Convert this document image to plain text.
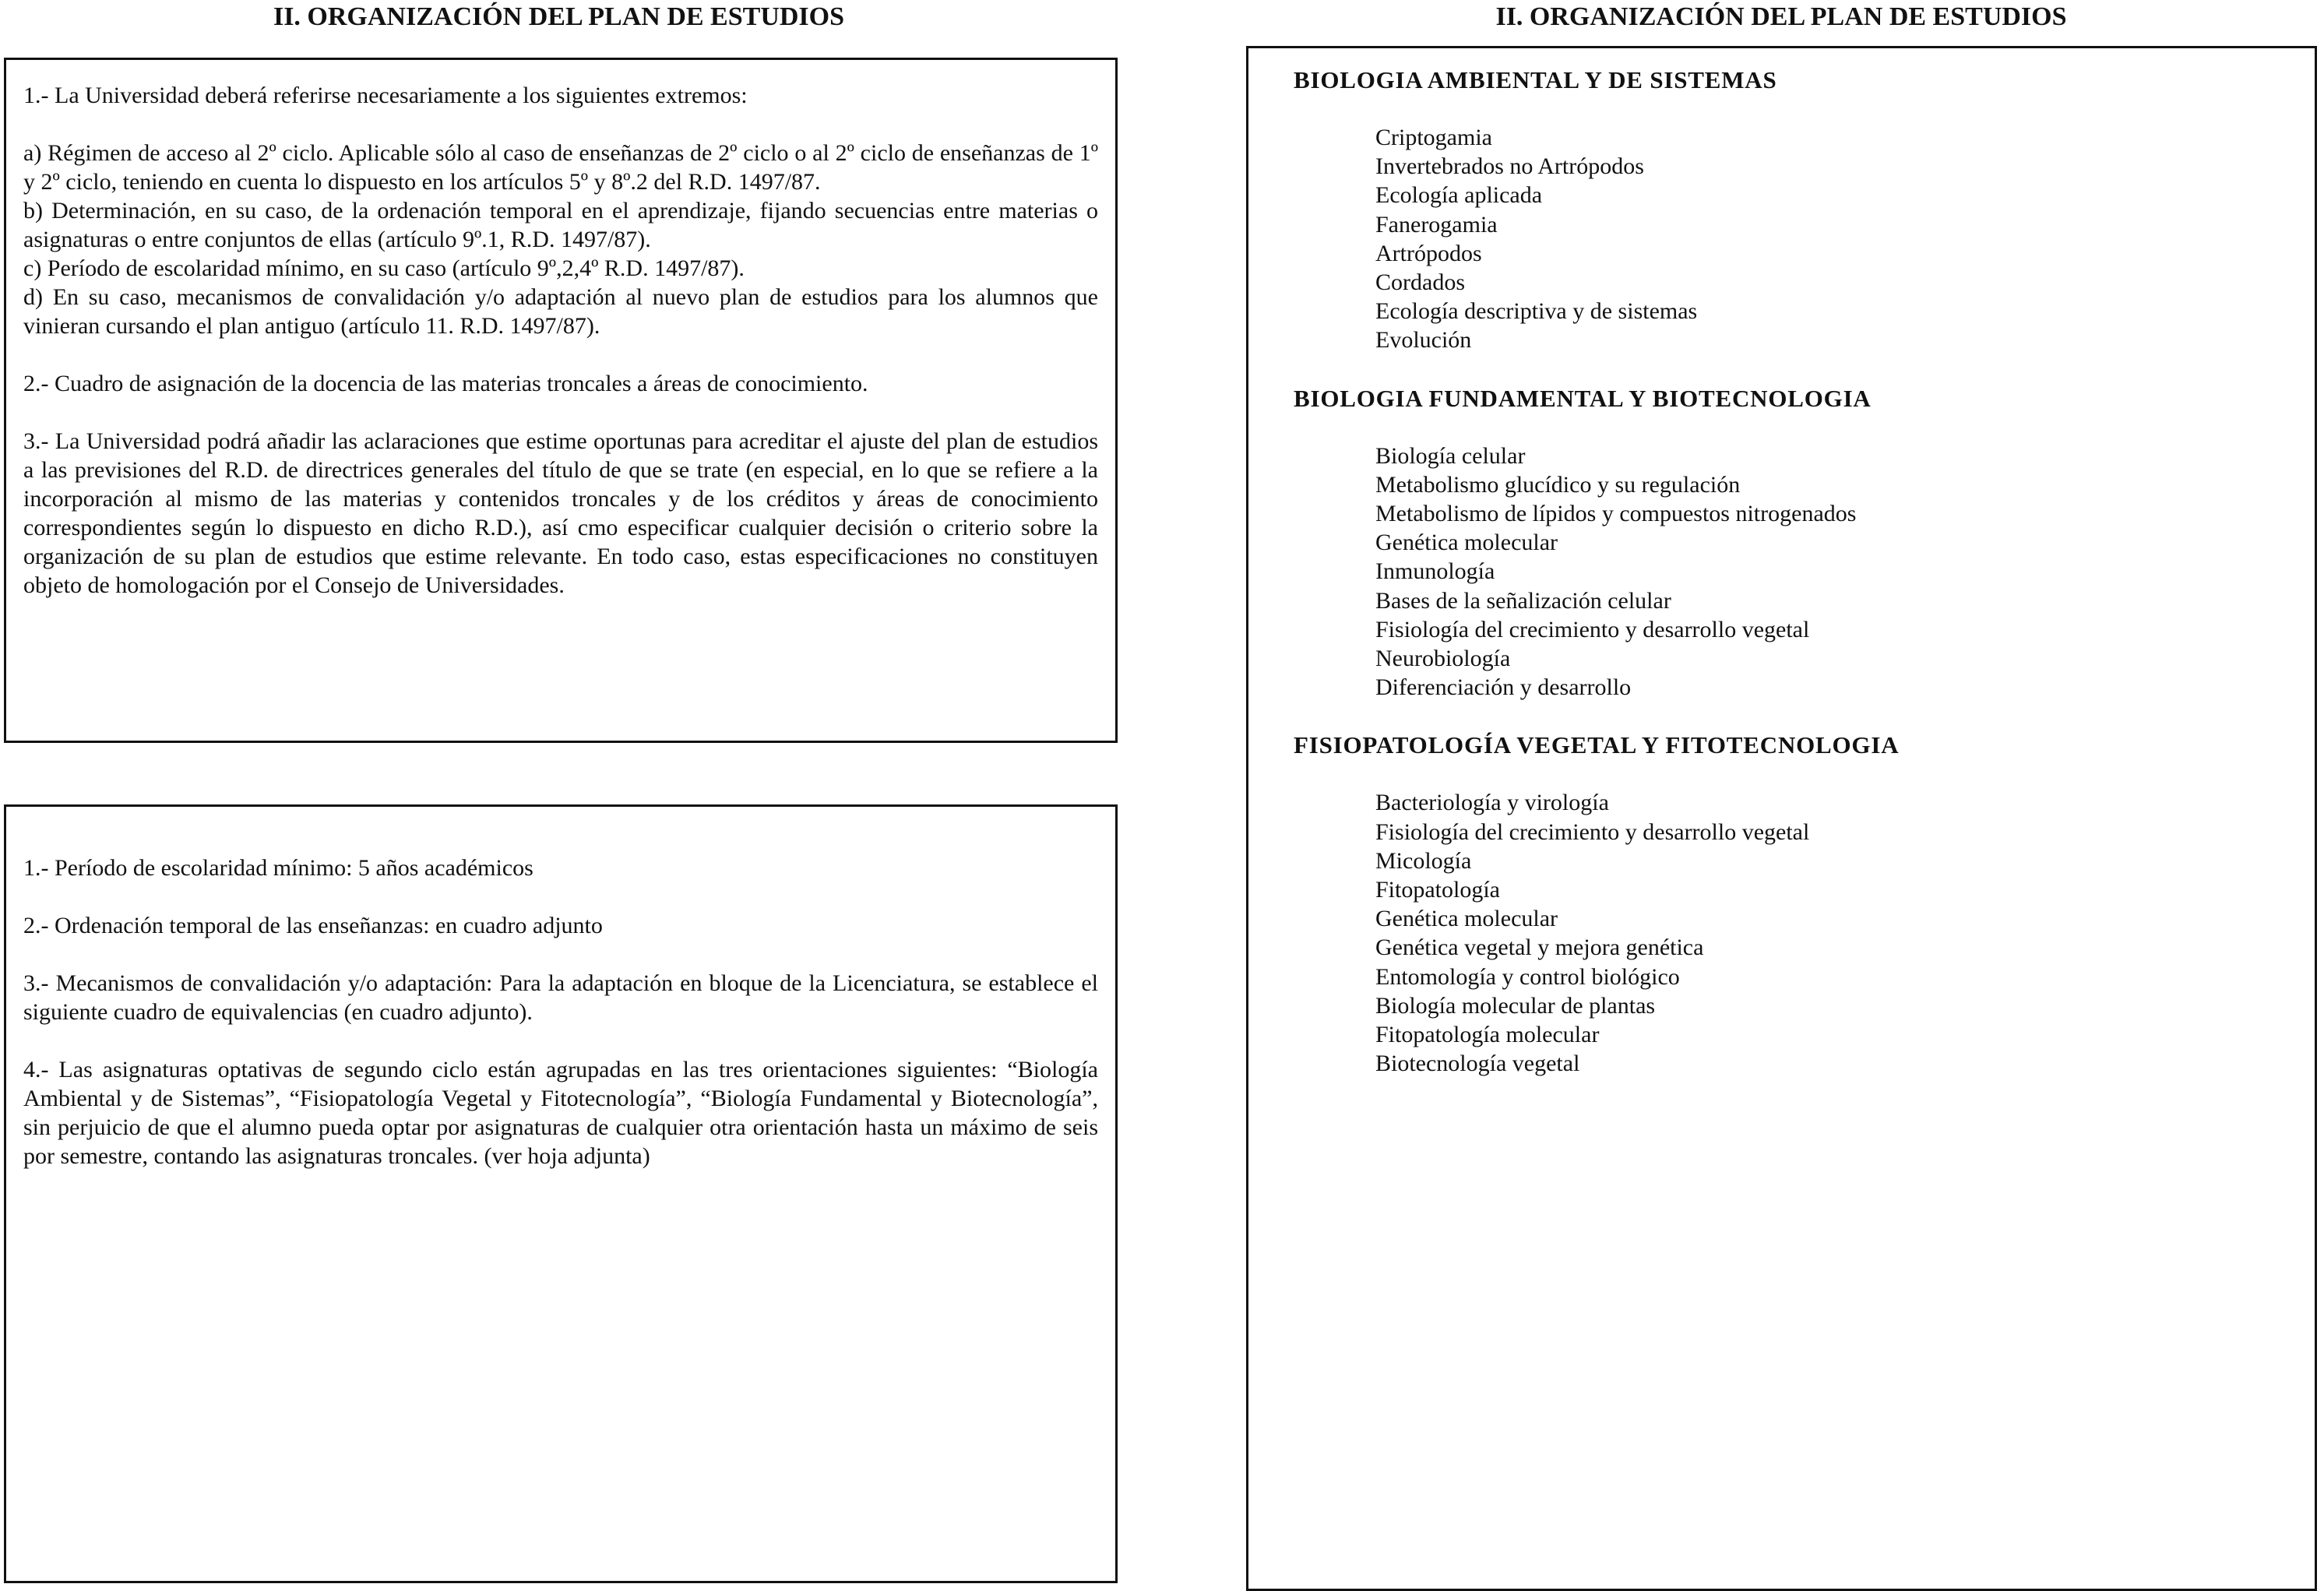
II. ORGANIZACIÓN DEL PLAN DE ESTUDIOS	II. ORGANIZACIÓN DEL PLAN DE ESTUDIOS

1.- La Universidad deberá referirse necesariamente a los siguientes extremos:

a) Régimen de acceso al 2º ciclo. Aplicable sólo al caso de enseñanzas de 2º ciclo o al 2º ciclo de enseñanzas de 1º y 2º ciclo, teniendo en cuenta lo dispuesto en los artículos 5º y 8º.2 del R.D. 1497/87.

b) Determinación, en su caso, de la ordenación temporal en el aprendizaje, fijando secuencias entre materias o asignaturas o entre conjuntos de ellas (artículo 9º.1, R.D. 1497/87).

c) Período de escolaridad mínimo, en su caso (artículo 9º,2,4º R.D. 1497/87).

d) En su caso, mecanismos de convalidación y/o adaptación al nuevo plan de estudios para los alumnos que vinieran cursando el plan antiguo (artículo 11. R.D. 1497/87).

2.- Cuadro de asignación de la docencia de las materias troncales a áreas de conocimiento.

3.- La Universidad podrá añadir las aclaraciones que estime oportunas para acreditar el ajuste del plan de estudios a las previsiones del R.D. de directrices generales del título de que se trate (en especial, en lo que se refiere a la incorporación al mismo de las materias y contenidos troncales y de los créditos y áreas de conocimiento correspondientes según lo dispuesto en dicho R.D.), así cmo especificar cualquier decisión o criterio sobre la organización de su plan de estudios que estime relevante. En todo caso, estas especificaciones no constituyen objeto de homologación por el Consejo de Universidades.

1.- Período de escolaridad mínimo: 5 años académicos

2.- Ordenación temporal de las enseñanzas: en cuadro adjunto

3.- Mecanismos de convalidación y/o adaptación: Para la adaptación en bloque de la Licenciatura, se establece el siguiente cuadro de equivalencias (en cuadro adjunto).

4.- Las asignaturas optativas de segundo ciclo están agrupadas en las tres orientaciones siguientes: “Biología Ambiental y de Sistemas”, “Fisiopatología Vegetal y Fitotecnología”, “Biología Fundamental y Biotecnología”, sin perjuicio de que el alumno pueda optar por asignaturas de cualquier otra orientación hasta un máximo de seis por semestre, contando las asignaturas troncales. (ver hoja adjunta)

BIOLOGIA AMBIENTAL Y DE SISTEMAS
Criptogamia
Invertebrados no Artrópodos
Ecología aplicada
Fanerogamia
Artrópodos
Cordados
Ecología descriptiva y de sistemas
Evolución
BIOLOGIA FUNDAMENTAL Y BIOTECNOLOGIA
Biología celular
Metabolismo glucídico y su regulación
Metabolismo de lípidos y compuestos nitrogenados
Genética molecular
Inmunología
Bases de la señalización celular
Fisiología del crecimiento y desarrollo vegetal
Neurobiología
Diferenciación y desarrollo
FISIOPATOLOGÍA VEGETAL Y FITOTECNOLOGIA
Bacteriología y virología
Fisiología del crecimiento y desarrollo vegetal
Micología
Fitopatología
Genética molecular
Genética vegetal y mejora genética
Entomología y control biológico
Biología molecular de plantas
Fitopatología molecular
Biotecnología vegetal
